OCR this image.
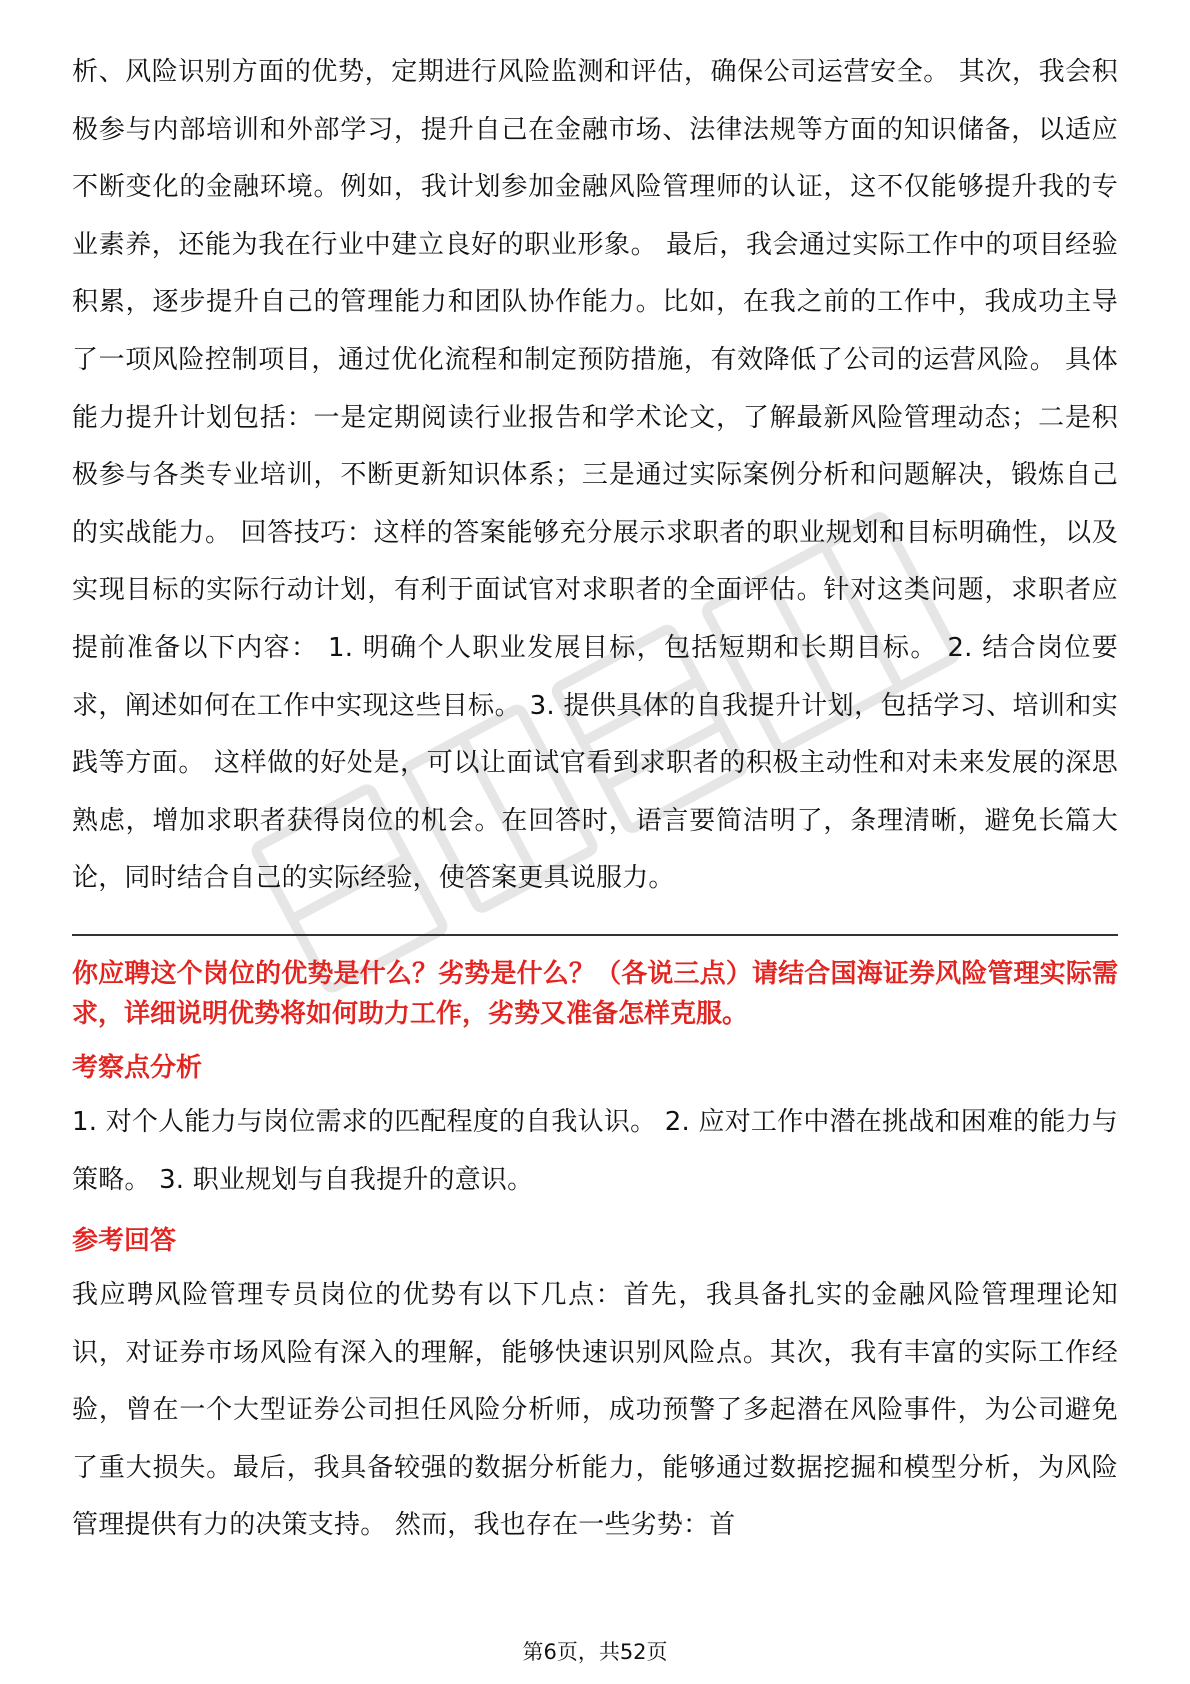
析、风险识别方面的优势，定期进行风险监测和评估，确保公司运营安全。 其次，我会积极参与内部培训和外部学习，提升自己在金融市场、法律法规等方面的知识储备，以适应不断变化的金融环境。例如，我计划参加金融风险管理师的认证，这不仅能够提升我的专业素养，还能为我在行业中建立良好的职业形象。 最后，我会通过实际工作中的项目经验积累，逐步提升自己的管理能力和团队协作能力。比如，在我之前的工作中，我成功主导了一项风险控制项目，通过优化流程和制定预防措施，有效降低了公司的运营风险。 具体能力提升计划包括：一是定期阅读行业报告和学术论文，了解最新风险管理动态；二是积极参与各类专业培训，不断更新知识体系；三是通过实际案例分析和问题解决，锻炼自己的实战能力。 回答技巧：这样的答案能够充分展示求职者的职业规划和目标明确性，以及实现目标的实际行动计划，有利于面试官对求职者的全面评估。针对这类问题，求职者应提前准备以下内容： 1. 明确个人职业发展目标，包括短期和长期目标。 2. 结合岗位要求，阐述如何在工作中实现这些目标。 3. 提供具体的自我提升计划，包括学习、培训和实践等方面。 这样做的好处是，可以让面试官看到求职者的积极主动性和对未来发展的深思熟虑，增加求职者获得岗位的机会。在回答时，语言要简洁明了，条理清晰，避免长篇大论，同时结合自己的实际经验，使答案更具说服力。

你应聘这个岗位的优势是什么？劣势是什么？（各说三点）请结合国海证券风险管理实际需求，详细说明优势将如何助力工作，劣势又准备怎样克服。

考察点分析

1. 对个人能力与岗位需求的匹配程度的自我认识。 2. 应对工作中潜在挑战和困难的能力与策略。 3. 职业规划与自我提升的意识。

参考回答

我应聘风险管理专员岗位的优势有以下几点：首先，我具备扎实的金融风险管理理论知识，对证券市场风险有深入的理解，能够快速识别风险点。其次，我有丰富的实际工作经验，曾在一个大型证券公司担任风险分析师，成功预警了多起潜在风险事件，为公司避免了重大损失。最后，我具备较强的数据分析能力，能够通过数据挖掘和模型分析，为风险管理提供有力的决策支持。 然而，我也存在一些劣势：首

第6页，共52页
